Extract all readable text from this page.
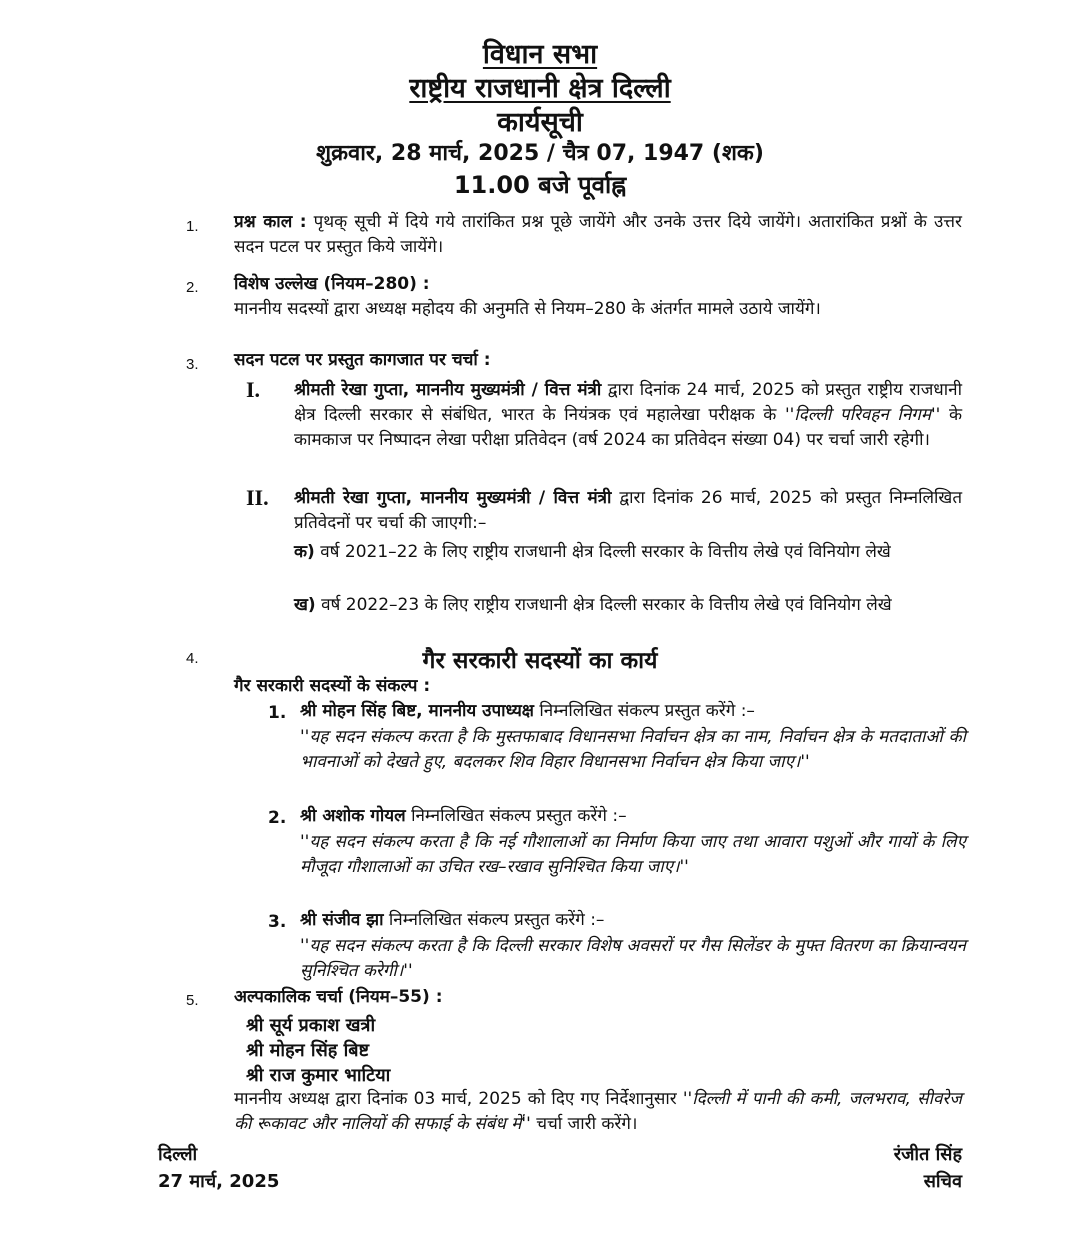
विधान सभा
राष्ट्रीय राजधानी क्षेत्र दिल्ली
कार्यसूची
शुक्रवार, 28 मार्च, 2025 / चैत्र 07, 1947 (शक)
11.00 बजे पूर्वाह्न
1. प्रश्न काल : पृथक् सूची में दिये गये तारांकित प्रश्न पूछे जायेंगे और उनके उत्तर दिये जायेंगे। अतारांकित प्रश्नों के उत्तर सदन पटल पर प्रस्तुत किये जायेंगे।
2. विशेष उल्लेख (नियम–280) :
माननीय सदस्यों द्वारा अध्यक्ष महोदय की अनुमति से नियम–280 के अंतर्गत मामले उठाये जायेंगे।
3. सदन पटल पर प्रस्तुत कागजात पर चर्चा :
I. श्रीमती रेखा गुप्ता, माननीय मुख्यमंत्री / वित्त मंत्री द्वारा दिनांक 24 मार्च, 2025 को प्रस्तुत राष्ट्रीय राजधानी क्षेत्र दिल्ली सरकार से संबंधित, भारत के नियंत्रक एवं महालेखा परीक्षक के ''दिल्ली परिवहन निगम'' के कामकाज पर निष्पादन लेखा परीक्षा प्रतिवेदन (वर्ष 2024 का प्रतिवेदन संख्या 04) पर चर्चा जारी रहेगी।
II. श्रीमती रेखा गुप्ता, माननीय मुख्यमंत्री / वित्त मंत्री द्वारा दिनांक 26 मार्च, 2025 को प्रस्तुत निम्नलिखित प्रतिवेदनों पर चर्चा की जाएगी:–
क) वर्ष 2021–22 के लिए राष्ट्रीय राजधानी क्षेत्र दिल्ली सरकार के वित्तीय लेखे एवं विनियोग लेखे
ख) वर्ष 2022–23 के लिए राष्ट्रीय राजधानी क्षेत्र दिल्ली सरकार के वित्तीय लेखे एवं विनियोग लेखे
4.	गैर सरकारी सदस्यों का कार्य
गैर सरकारी सदस्यों के संकल्प :
1. श्री मोहन सिंह बिष्ट, माननीय उपाध्यक्ष निम्नलिखित संकल्प प्रस्तुत करेंगे :–
''यह सदन संकल्प करता है कि मुस्तफाबाद विधानसभा निर्वाचन क्षेत्र का नाम, निर्वाचन क्षेत्र के मतदाताओं की भावनाओं को देखते हुए, बदलकर शिव विहार विधानसभा निर्वाचन क्षेत्र किया जाए।''
2. श्री अशोक गोयल निम्नलिखित संकल्प प्रस्तुत करेंगे :–
''यह सदन संकल्प करता है कि नई गौशालाओं का निर्माण किया जाए तथा आवारा पशुओं और गायों के लिए मौजूदा गौशालाओं का उचित रख–रखाव सुनिश्चित किया जाए।''
3. श्री संजीव झा निम्नलिखित संकल्प प्रस्तुत करेंगे :–
''यह सदन संकल्प करता है कि दिल्ली सरकार विशेष अवसरों पर गैस सिलेंडर के मुफ्त वितरण का क्रियान्वयन सुनिश्चित करेगी।''
5. अल्पकालिक चर्चा (नियम–55) :
श्री सूर्य प्रकाश खत्री
श्री मोहन सिंह बिष्ट
श्री राज कुमार भाटिया
माननीय अध्यक्ष द्वारा दिनांक 03 मार्च, 2025 को दिए गए निर्देशानुसार ''दिल्ली में पानी की कमी, जलभराव, सीवरेज की रूकावट और नालियों की सफाई के संबंध में'' चर्चा जारी करेंगे।
दिल्ली
27 मार्च, 2025
रंजीत सिंह
सचिव
